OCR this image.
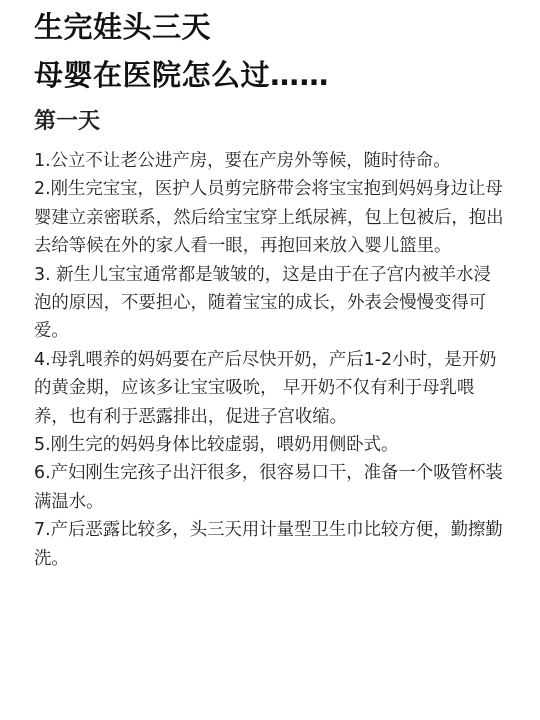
生完娃头三天
母婴在医院怎么过……
第一天

1.公立不让老公进产房，要在产房外等候，随时待命。

2.刚生完宝宝，医护人员剪完脐带会将宝宝抱到妈妈身边让母婴建立亲密联系，然后给宝宝穿上纸尿裤，包上包被后，抱出去给等候在外的家人看一眼，再抱回来放入婴儿篮里。

3. 新生儿宝宝通常都是皱皱的，这是由于在子宫内被羊水浸泡的原因，不要担心，随着宝宝的成长，外表会慢慢变得可爱。

4.母乳喂养的妈妈要在产后尽快开奶，产后1-2小时，是开奶的黄金期，应该多让宝宝吸吮， 早开奶不仅有利于母乳喂养，也有利于恶露排出，促进子宫收缩。

5.刚生完的妈妈身体比较虚弱，喂奶用侧卧式。

6.产妇刚生完孩子出汗很多，很容易口干，准备一个吸管杯装满温水。

7.产后恶露比较多，头三天用计量型卫生巾比较方便，勤擦勤洗。
